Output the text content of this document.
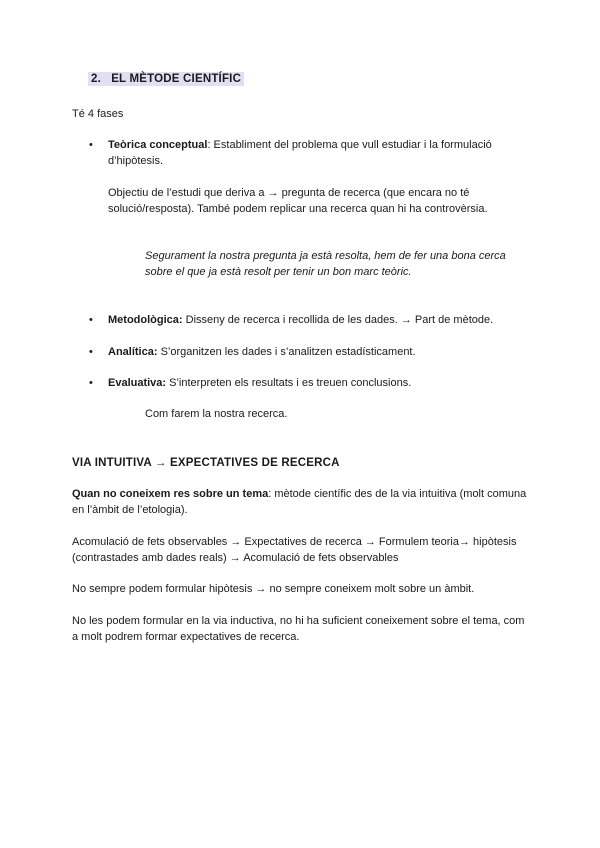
2. EL MÈTODE CIENTÍFIC
Té 4 fases
• Teòrica conceptual: Establiment del problema que vull estudiar i la formulació d’hipòtesis.
Objectiu de l’estudi que deriva a → pregunta de recerca (que encara no té solució/resposta). També podem replicar una recerca quan hi ha controvèrsia.
Segurament la nostra pregunta ja està resolta, hem de fer una bona cerca sobre el que ja està resolt per tenir un bon marc teòric.
• Metodològica: Disseny de recerca i recollida de les dades. → Part de mètode.
• Analítica: S’organitzen les dades i s’analitzen estadísticament.
• Evaluativa: S’interpreten els resultats i es treuen conclusions.
Com farem la nostra recerca.
VIA INTUITIVA → EXPECTATIVES DE RECERCA
Quan no coneixem res sobre un tema: mètode científic des de la via intuitiva (molt comuna en l’àmbit de l’etologia).
Acomulació de fets observables → Expectatives de recerca → Formulem teoria→ hipòtesis (contrastades amb dades reals) → Acomulació de fets observables
No sempre podem formular hipòtesis → no sempre coneixem molt sobre un àmbit.
No les podem formular en la via inductiva, no hi ha suficient coneixement sobre el tema, com a molt podrem formar expectatives de recerca.
